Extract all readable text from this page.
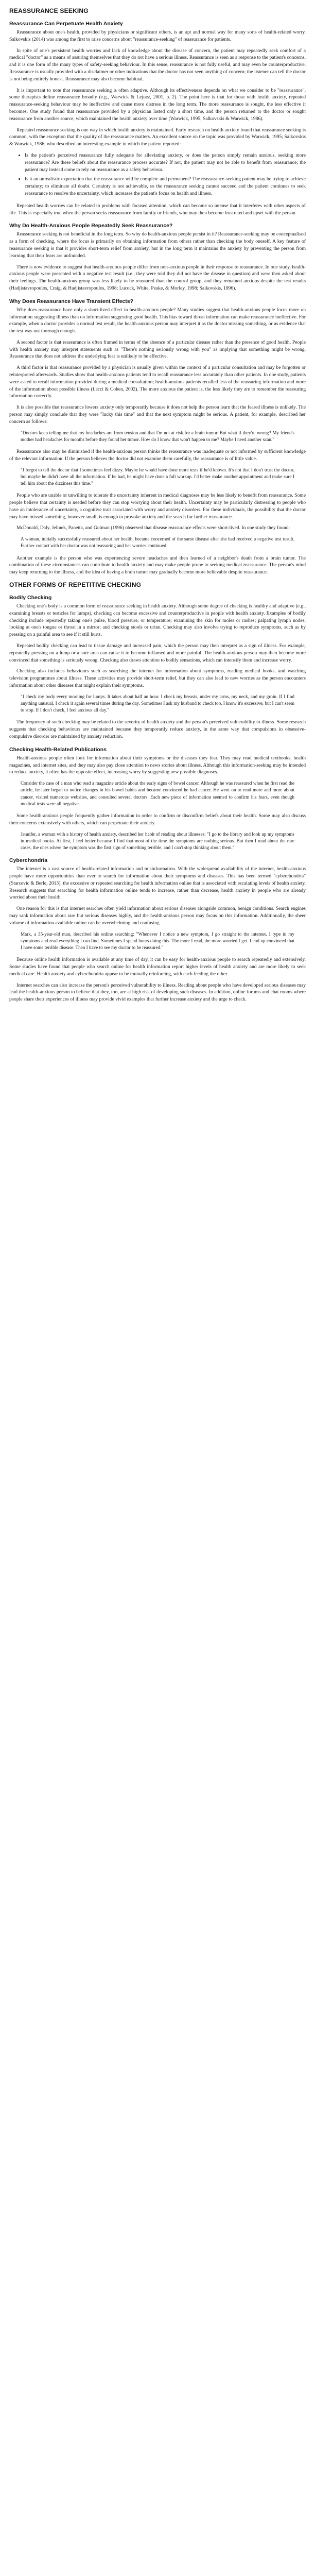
REASSURANCE SEEKING
Reassurance Can Perpetuate Health Anxiety

Reassurance about one's health, provided by physicians or significant others, is an apt and normal way for many sorts of health-related worry. Salkovskis (2014) was among the first to raise concerns about "reassurance-seeking" of reassurance for patients.

In spite of one's persistent health worries and lack of knowledge about the disease of concern, the patient may repeatedly seek comfort of a medical "doctor" as a means of assuring themselves that they do not have a serious illness. Reassurance is seen as a response to the patient's concerns, and it is one form of the many types of safety-seeking behaviour. In this sense, reassurance is not fully useful, and may even be counterproductive. Reassurance is usually provided with a disclaimer or other indications that the doctor has not seen anything of concern; the listener can tell the doctor is not being entirely honest. Reassurance may also become habitual.

It is important to note that reassurance seeking is often adaptive. Although its effectiveness depends on what we consider to be "reassurance", some therapists define reassurance broadly (e.g., Warwick & Lejuez, 2001, p. 2). The point here is that for those with health anxiety, repeated reassurance-seeking behaviour may be ineffective and cause more distress in the long term. The more reassurance is sought, the less effective it becomes. One study found that reassurance provided by a physician lasted only a short time, and the person returned to the doctor or sought reassurance from another source, which maintained the health anxiety over time (Warwick, 1995; Salkovskis & Warwick, 1986).

Repeated reassurance seeking is one way in which health anxiety is maintained. Early research on health anxiety found that reassurance seeking is common, with the exception that the quality of the reassurance matters. An excellent source on the topic was provided by Warwick, 1995; Salkovskis & Warwick, 1986, who described an interesting example in which the patient reported:

• Is the patient's perceived reassurance fully adequate for alleviating anxiety, or does the person simply remain anxious, seeking more reassurance? Are these beliefs about the reassurance process accurate? If not, the patient may not be able to benefit from reassurance; the patient may instead come to rely on reassurance as a safety behaviour.
• Is it an unrealistic expectation that the reassurance will be complete and permanent? The reassurance-seeking patient may be trying to achieve certainty; to eliminate all doubt. Certainty is not achievable, so the reassurance seeking cannot succeed and the patient continues to seek reassurance to resolve the uncertainty, which increases the patient's focus on health and illness.

Repeated health worries can be related to problems with focused attention, which can become so intense that it interferes with other aspects of life. This is especially true when the person seeks reassurance from family or friends, who may then become frustrated and upset with the person.

Why Do Health-Anxious People Repeatedly Seek Reassurance?

Reassurance seeking is not beneficial in the long term. So why do health-anxious people persist in it? Reassurance-seeking may be conceptualised as a form of checking, where the focus is primarily on obtaining information from others rather than checking the body oneself. A key feature of reassurance seeking is that it provides short-term relief from anxiety, but in the long term it maintains the anxiety by preventing the person from learning that their fears are unfounded.

There is now evidence to suggest that health-anxious people differ from non-anxious people in their response to reassurance. In one study, health-anxious people were presented with a negative test result (i.e., they were told they did not have the disease in question) and were then asked about their feelings. The health-anxious group was less likely to be reassured than the control group, and they remained anxious despite the test results (Hadjistavropoulos, Craig, & Hadjistavropoulos, 1998; Lucock, White, Peake, & Morley, 1998; Salkovskis, 1996).

Why Does Reassurance Have Transient Effects?

Why does reassurance have only a short-lived effect in health-anxious people? Many studies suggest that health-anxious people focus more on information suggesting illness than on information suggesting good health. This bias toward threat information can make reassurance ineffective. For example, when a doctor provides a normal test result, the health-anxious person may interpret it as the doctor missing something, or as evidence that the test was not thorough enough.

A second factor is that reassurance is often framed in terms of the absence of a particular disease rather than the presence of good health. People with health anxiety may interpret statements such as "There's nothing seriously wrong with you" as implying that something might be wrong. Reassurance that does not address the underlying fear is unlikely to be effective.

A third factor is that reassurance provided by a physician is usually given within the context of a particular consultation and may be forgotten or reinterpreted afterwards. Studies show that health-anxious patients tend to recall reassurance less accurately than other patients. In one study, patients were asked to recall information provided during a medical consultation; health-anxious patients recalled less of the reassuring information and more of the information about possible illness (Lecci & Cohen, 2002). The more anxious the patient is, the less likely they are to remember the reassuring information correctly.

It is also possible that reassurance lowers anxiety only temporarily because it does not help the person learn that the feared illness is unlikely. The person may simply conclude that they were "lucky this time" and that the next symptom might be serious. A patient, for example, described her concern as follows:

"Doctors keep telling me that my headaches are from tension and that I'm not at risk for a brain tumor. But what if they're wrong? My friend's mother had headaches for months before they found her tumor. How do I know that won't happen to me? Maybe I need another scan."

Reassurance also may be diminished if the health-anxious person thinks the reassurance was inadequate or not informed by sufficient knowledge of the relevant information. If the person believes the doctor did not examine them carefully, the reassurance is of little value.

"I forgot to tell the doctor that I sometimes feel dizzy. Maybe he would have done more tests if he'd known. It's not that I don't trust the doctor, but maybe he didn't have all the information. If he had, he might have done a full workup. I'd better make another appointment and make sure I tell him about the dizziness this time."

People who are unable or unwilling to tolerate the uncertainty inherent in medical diagnoses may be less likely to benefit from reassurance. Some people believe that certainty is needed before they can stop worrying about their health. Uncertainty may be particularly distressing to people who have an intolerance of uncertainty, a cognitive trait associated with worry and anxiety disorders. For these individuals, the possibility that the doctor may have missed something, however small, is enough to provoke anxiety and the search for further reassurance.

McDonald, Daly, Jelinek, Panetta, and Gutman (1996) observed that disease reassurance effects were short-lived. In one study they found:

A woman, initially successfully reassured about her health, became concerned of the same disease after she had received a negative test result. Further contact with her doctor was not reassuring and her worries continued.

Another example is the person who was experiencing severe headaches and then learned of a neighbor's death from a brain tumor. The combination of these circumstances can contribute to health anxiety and may make people prone to seeking medical reassurance. The person's mind may keep returning to the illness, and the idea of having a brain tumor may gradually become more believable despite reassurance.

OTHER FORMS OF REPETITIVE CHECKING
Bodily Checking

Checking one's body is a common form of reassurance seeking in health anxiety. Although some degree of checking is healthy and adaptive (e.g., examining breasts or testicles for lumps), checking can become excessive and counterproductive in people with health anxiety. Examples of bodily checking include repeatedly taking one's pulse, blood pressure, or temperature; examining the skin for moles or rashes; palpating lymph nodes; looking at one's tongue or throat in a mirror; and checking stools or urine. Checking may also involve trying to reproduce symptoms, such as by pressing on a painful area to see if it still hurts.

Repeated bodily checking can lead to tissue damage and increased pain, which the person may then interpret as a sign of illness. For example, repeatedly pressing on a lump or a sore area can cause it to become inflamed and more painful. The health-anxious person may then become more convinced that something is seriously wrong. Checking also draws attention to bodily sensations, which can intensify them and increase worry.

Checking also includes behaviours such as searching the internet for information about symptoms, reading medical books, and watching television programmes about illness. These activities may provide short-term relief, but they can also lead to new worries as the person encounters information about other diseases that might explain their symptoms.

"I check my body every morning for lumps. It takes about half an hour. I check my breasts, under my arms, my neck, and my groin. If I find anything unusual, I check it again several times during the day. Sometimes I ask my husband to check too. I know it's excessive, but I can't seem to stop. If I don't check, I feel anxious all day."

The frequency of such checking may be related to the severity of health anxiety and the person's perceived vulnerability to illness. Some research suggests that checking behaviours are maintained because they temporarily reduce anxiety, in the same way that compulsions in obsessive-compulsive disorder are maintained by anxiety reduction.

Checking Health-Related Publications

Health-anxious people often look for information about their symptoms or the diseases they fear. They may read medical textbooks, health magazines, and internet sites, and they may also pay close attention to news stories about illness. Although this information-seeking may be intended to reduce anxiety, it often has the opposite effect, increasing worry by suggesting new possible diagnoses.

Consider the case of a man who read a magazine article about the early signs of bowel cancer. Although he was reassured when he first read the article, he later began to notice changes in his bowel habits and became convinced he had cancer. He went on to read more and more about cancer, visited numerous websites, and consulted several doctors. Each new piece of information seemed to confirm his fears, even though medical tests were all negative.

Some health-anxious people frequently gather information in order to confirm or disconfirm beliefs about their health. Some may also discuss their concerns extensively with others, which can perpetuate their anxiety.

Jennifer, a woman with a history of health anxiety, described her habit of reading about illnesses: "I go to the library and look up my symptoms in medical books. At first, I feel better because I find that most of the time the symptoms are nothing serious. But then I read about the rare cases, the ones where the symptom was the first sign of something terrible, and I can't stop thinking about them."
Cyberchondria

The internet is a vast source of health-related information and misinformation. With the widespread availability of the internet, health-anxious people have more opportunities than ever to search for information about their symptoms and diseases. This has been termed "cyberchondria" (Starcevic & Berle, 2013), the excessive or repeated searching for health information online that is associated with escalating levels of health anxiety. Research suggests that searching for health information online tends to increase, rather than decrease, health anxiety in people who are already worried about their health.

One reason for this is that internet searches often yield information about serious diseases alongside common, benign conditions. Search engines may rank information about rare but serious diseases highly, and the health-anxious person may focus on this information. Additionally, the sheer volume of information available online can be overwhelming and confusing.

Mark, a 35-year-old man, described his online searching: "Whenever I notice a new symptom, I go straight to the internet. I type in my symptoms and read everything I can find. Sometimes I spend hours doing this. The more I read, the more worried I get. I end up convinced that I have some terrible disease. Then I have to see my doctor to be reassured."

Because online health information is available at any time of day, it can be easy for health-anxious people to search repeatedly and extensively. Some studies have found that people who search online for health information report higher levels of health anxiety and are more likely to seek medical care. Health anxiety and cyberchondria appear to be mutually reinforcing, with each feeding the other.

Internet searches can also increase the person's perceived vulnerability to illness. Reading about people who have developed serious diseases may lead the health-anxious person to believe that they, too, are at high risk of developing such diseases. In addition, online forums and chat rooms where people share their experiences of illness may provide vivid examples that further increase anxiety and the urge to check.
